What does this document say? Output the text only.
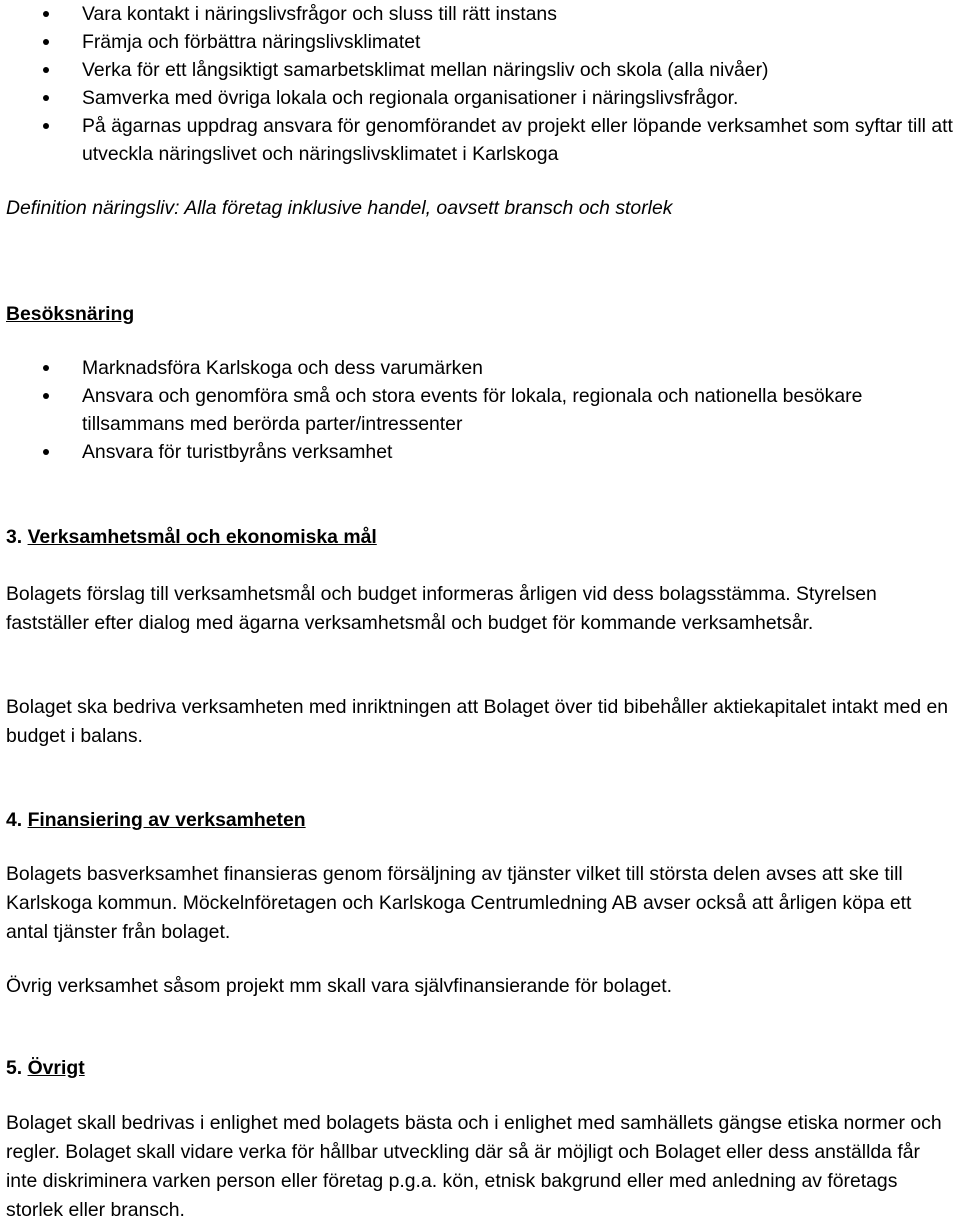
Vara kontakt i näringslivsfrågor och sluss till rätt instans
Främja och förbättra näringslivsklimatet
Verka för ett långsiktigt samarbetsklimat mellan näringsliv och skola (alla nivåer)
Samverka med övriga lokala och regionala organisationer i näringslivsfrågor.
På ägarnas uppdrag ansvara för genomförandet av projekt eller löpande verksamhet som syftar till att utveckla näringslivet och näringslivsklimatet i Karlskoga
Definition näringsliv: Alla företag inklusive handel, oavsett bransch och storlek
Besöksnäring
Marknadsföra Karlskoga och dess varumärken
Ansvara och genomföra små och stora events för lokala, regionala och nationella besökare tillsammans med berörda parter/intressenter
Ansvara för turistbyråns verksamhet
3. Verksamhetsmål och ekonomiska mål

Bolagets förslag till verksamhetsmål och budget informeras årligen vid dess bolagsstämma. Styrelsen fastställer efter dialog med ägarna verksamhetsmål och budget för kommande verksamhetsår.

Bolaget ska bedriva verksamheten med inriktningen att Bolaget över tid bibehåller aktiekapitalet intakt med en budget i balans.

4. Finansiering av verksamheten

Bolagets basverksamhet finansieras genom försäljning av tjänster vilket till största delen avses att ske till Karlskoga kommun. Möckelnföretagen och Karlskoga Centrumledning AB avser också att årligen köpa ett antal tjänster från bolaget.

Övrig verksamhet såsom projekt mm skall vara självfinansierande för bolaget.

5. Övrigt

Bolaget skall bedrivas i enlighet med bolagets bästa och i enlighet med samhällets gängse etiska normer och regler. Bolaget skall vidare verka för hållbar utveckling där så är möjligt och Bolaget eller dess anställda får inte diskriminera varken person eller företag p.g.a. kön, etnisk bakgrund eller med anledning av företags storlek eller bransch.
